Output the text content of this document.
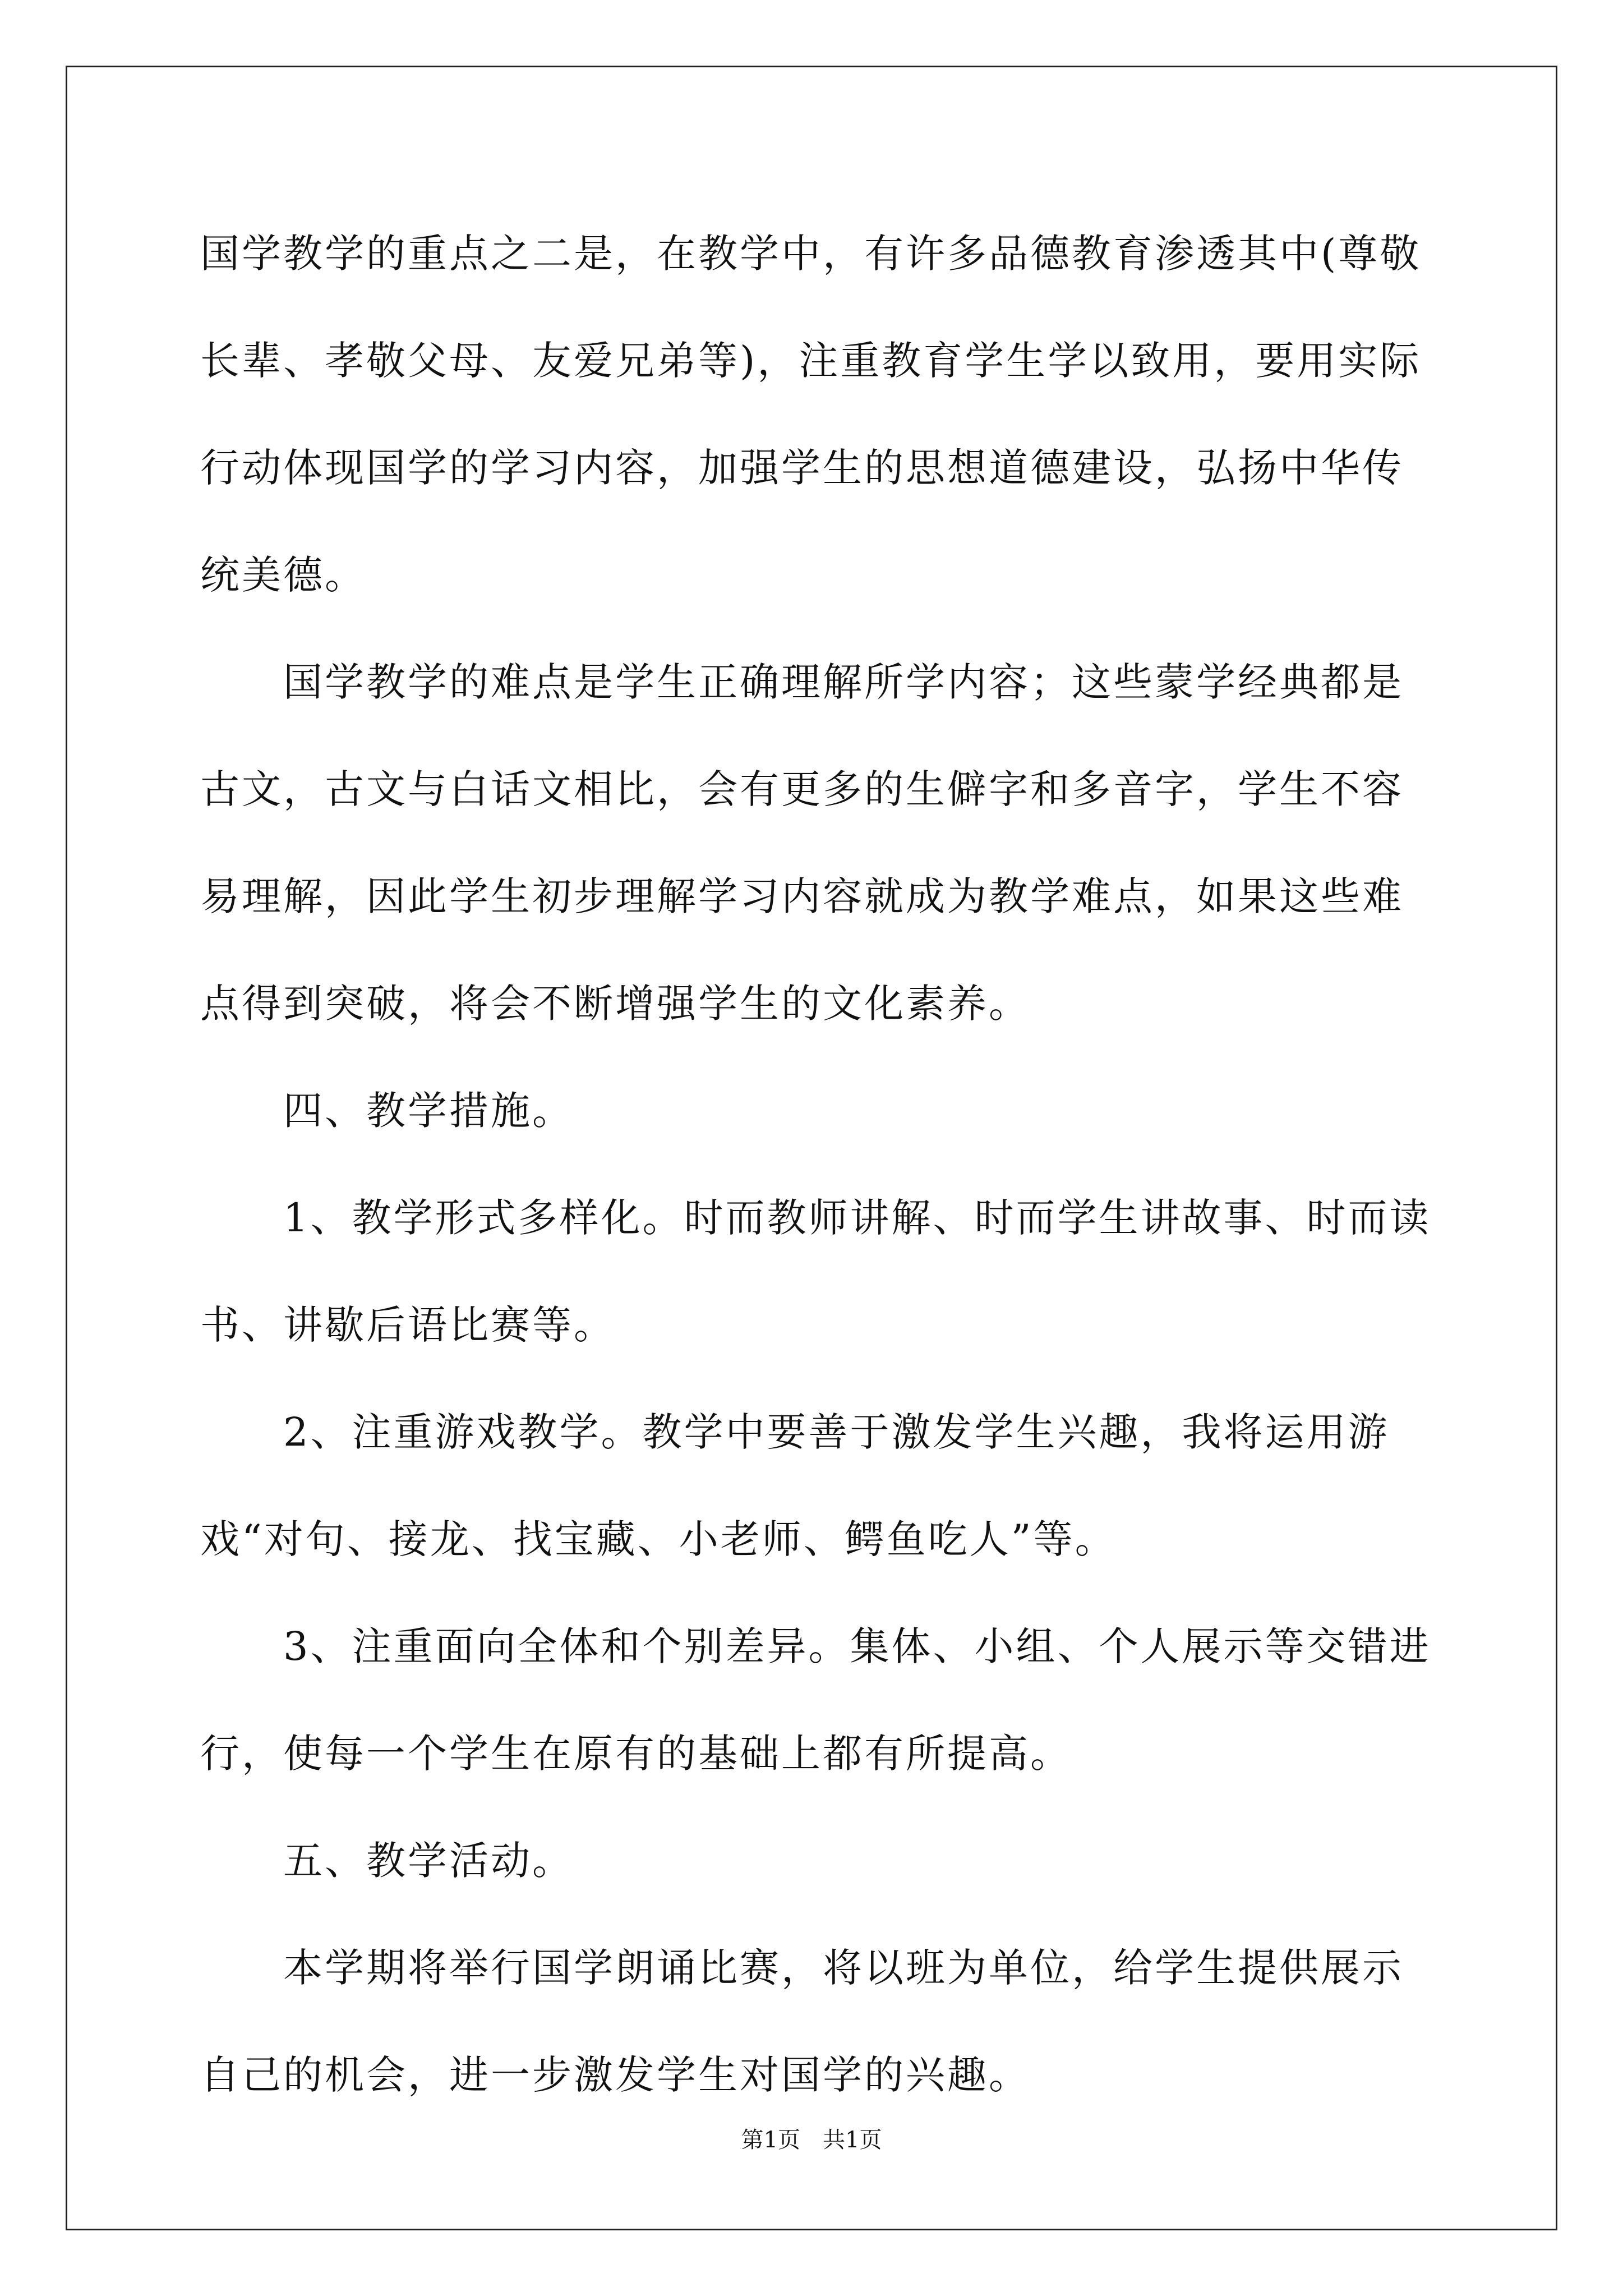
国学教学的重点之二是，在教学中，有许多品德教育渗透其中(尊敬长辈、孝敬父母、友爱兄弟等)，注重教育学生学以致用，要用实际行动体现国学的学习内容，加强学生的思想道德建设，弘扬中华传统美德。

国学教学的难点是学生正确理解所学内容；这些蒙学经典都是古文，古文与白话文相比，会有更多的生僻字和多音字，学生不容易理解，因此学生初步理解学习内容就成为教学难点，如果这些难点得到突破，将会不断增强学生的文化素养。

四、教学措施。

1、教学形式多样化。时而教师讲解、时而学生讲故事、时而读书、讲歇后语比赛等。

2、注重游戏教学。教学中要善于激发学生兴趣，我将运用游戏“对句、接龙、找宝藏、小老师、鳄鱼吃人”等。

3、注重面向全体和个别差异。集体、小组、个人展示等交错进行，使每一个学生在原有的基础上都有所提高。

五、教学活动。

本学期将举行国学朗诵比赛，将以班为单位，给学生提供展示自己的机会，进一步激发学生对国学的兴趣。

第1页　共1页
